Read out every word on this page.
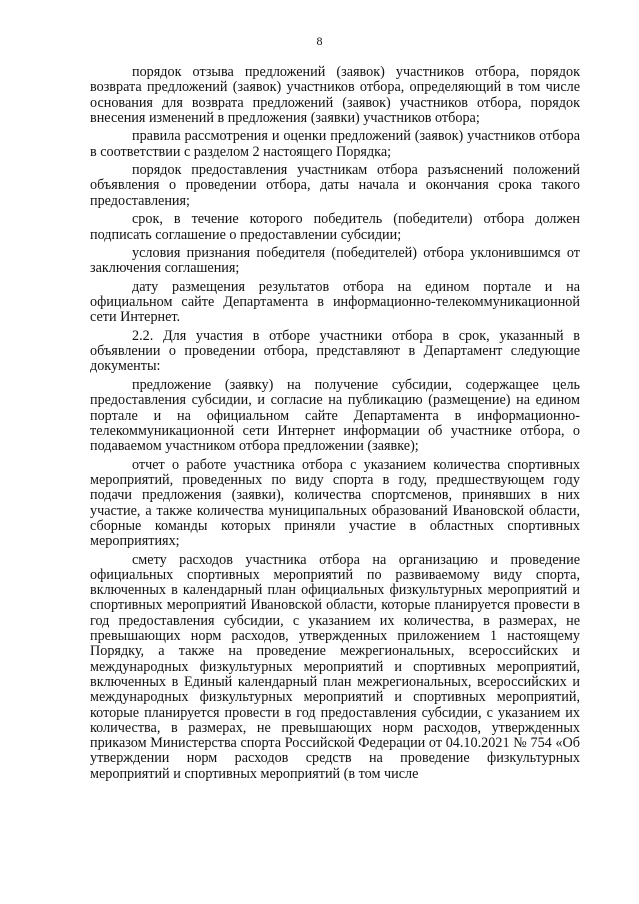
8

порядок отзыва предложений (заявок) участников отбора, порядок возврата предложений (заявок) участников отбора, определяющий в том числе основания для возврата предложений (заявок) участников отбора, порядок внесения изменений в предложения (заявки) участников отбора;

правила рассмотрения и оценки предложений (заявок) участников отбора в соответствии с разделом 2 настоящего Порядка;

порядок предоставления участникам отбора разъяснений положений объявления о проведении отбора, даты начала и окончания срока такого предоставления;

срок, в течение которого победитель (победители) отбора должен подписать соглашение о предоставлении субсидии;

условия признания победителя (победителей) отбора уклонившимся от заключения соглашения;

дату размещения результатов отбора на едином портале и на официальном сайте Департамента в информационно-телекоммуникационной сети Интернет.

2.2. Для участия в отборе участники отбора в срок, указанный в объявлении о проведении отбора, представляют в Департамент следующие документы:

предложение (заявку) на получение субсидии, содержащее цель предоставления субсидии, и согласие на публикацию (размещение) на едином портале и на официальном сайте Департамента в информационно-телекоммуникационной сети Интернет информации об участнике отбора, о подаваемом участником отбора предложении (заявке);

отчет о работе участника отбора с указанием количества спортивных мероприятий, проведенных по виду спорта в году, предшествующем году подачи предложения (заявки), количества спортсменов, принявших в них участие, а также количества муниципальных образований Ивановской области, сборные команды которых приняли участие в областных спортивных мероприятиях;

смету расходов участника отбора на организацию и проведение официальных спортивных мероприятий по развиваемому виду спорта, включенных в календарный план официальных физкультурных мероприятий и спортивных мероприятий Ивановской области, которые планируется провести в год предоставления субсидии, с указанием их количества, в размерах, не превышающих норм расходов, утвержденных приложением 1 настоящему Порядку, а также на проведение межрегиональных, всероссийских и международных физкультурных мероприятий и спортивных мероприятий, включенных в Единый календарный план межрегиональных, всероссийских и международных физкультурных мероприятий и спортивных мероприятий, которые планируется провести в год предоставления субсидии, с указанием их количества, в размерах, не превышающих норм расходов, утвержденных приказом Министерства спорта Российской Федерации от 04.10.2021 № 754 «Об утверждении норм расходов средств на проведение физкультурных мероприятий и спортивных мероприятий (в том числе
